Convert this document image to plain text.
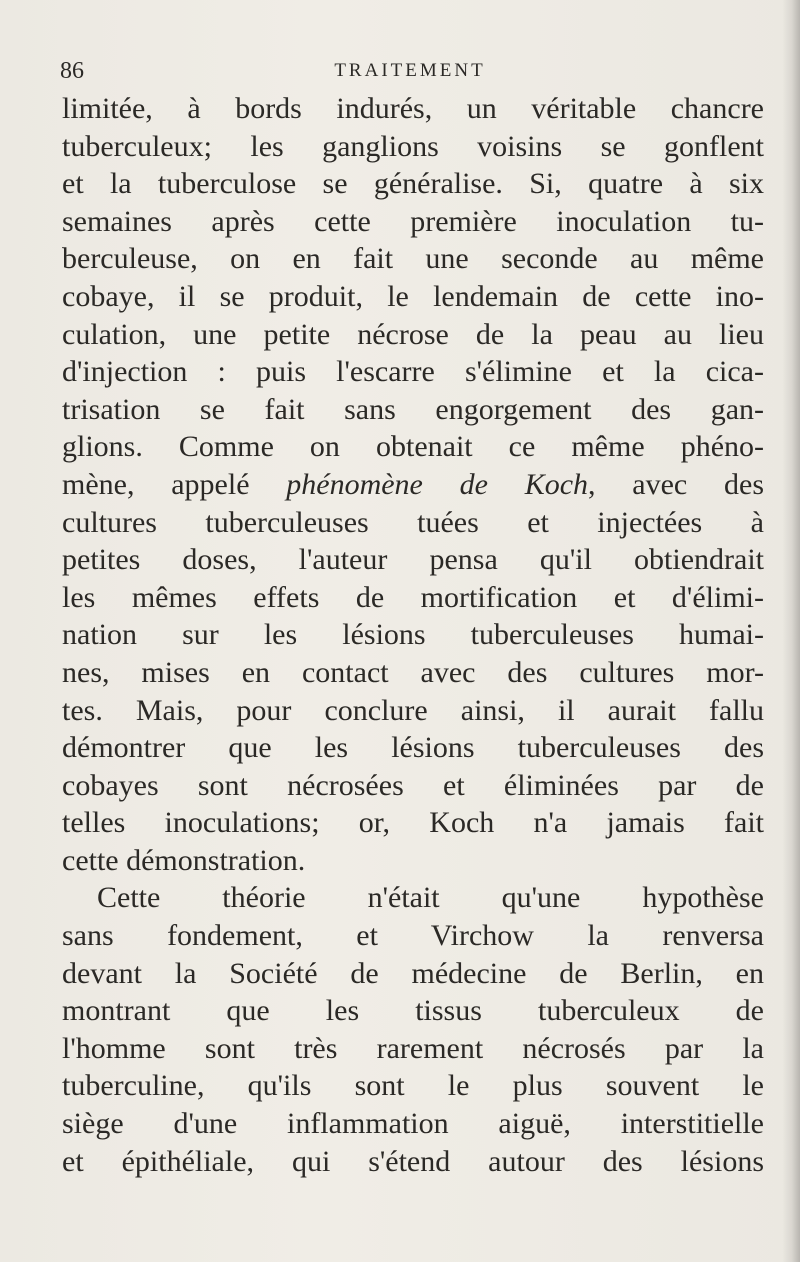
86	TRAITEMENT
limitée, à bords indurés, un véritable chancre
tuberculeux; les ganglions voisins se gonflent
et la tuberculose se généralise. Si, quatre à six
semaines après cette première inoculation tu-
berculeuse, on en fait une seconde au même
cobaye, il se produit, le lendemain de cette ino-
culation, une petite nécrose de la peau au lieu
d'injection : puis l'escarre s'élimine et la cica-
trisation se fait sans engorgement des gan-
glions. Comme on obtenait ce même phéno-
mène, appelé phénomène de Koch, avec des
cultures tuberculeuses tuées et injectées à
petites doses, l'auteur pensa qu'il obtiendrait
les mêmes effets de mortification et d'élimi-
nation sur les lésions tuberculeuses humai-
nes, mises en contact avec des cultures mor-
tes. Mais, pour conclure ainsi, il aurait fallu
démontrer que les lésions tuberculeuses des
cobayes sont nécrosées et éliminées par de
telles inoculations; or, Koch n'a jamais fait
cette démonstration.
Cette théorie n'était qu'une hypothèse
sans fondement, et Virchow la renversa
devant la Société de médecine de Berlin, en
montrant que les tissus tuberculeux de
l'homme sont très rarement nécrosés par la
tuberculine, qu'ils sont le plus souvent le
siège d'une inflammation aiguë, interstitielle
et épithéliale, qui s'étend autour des lésions
